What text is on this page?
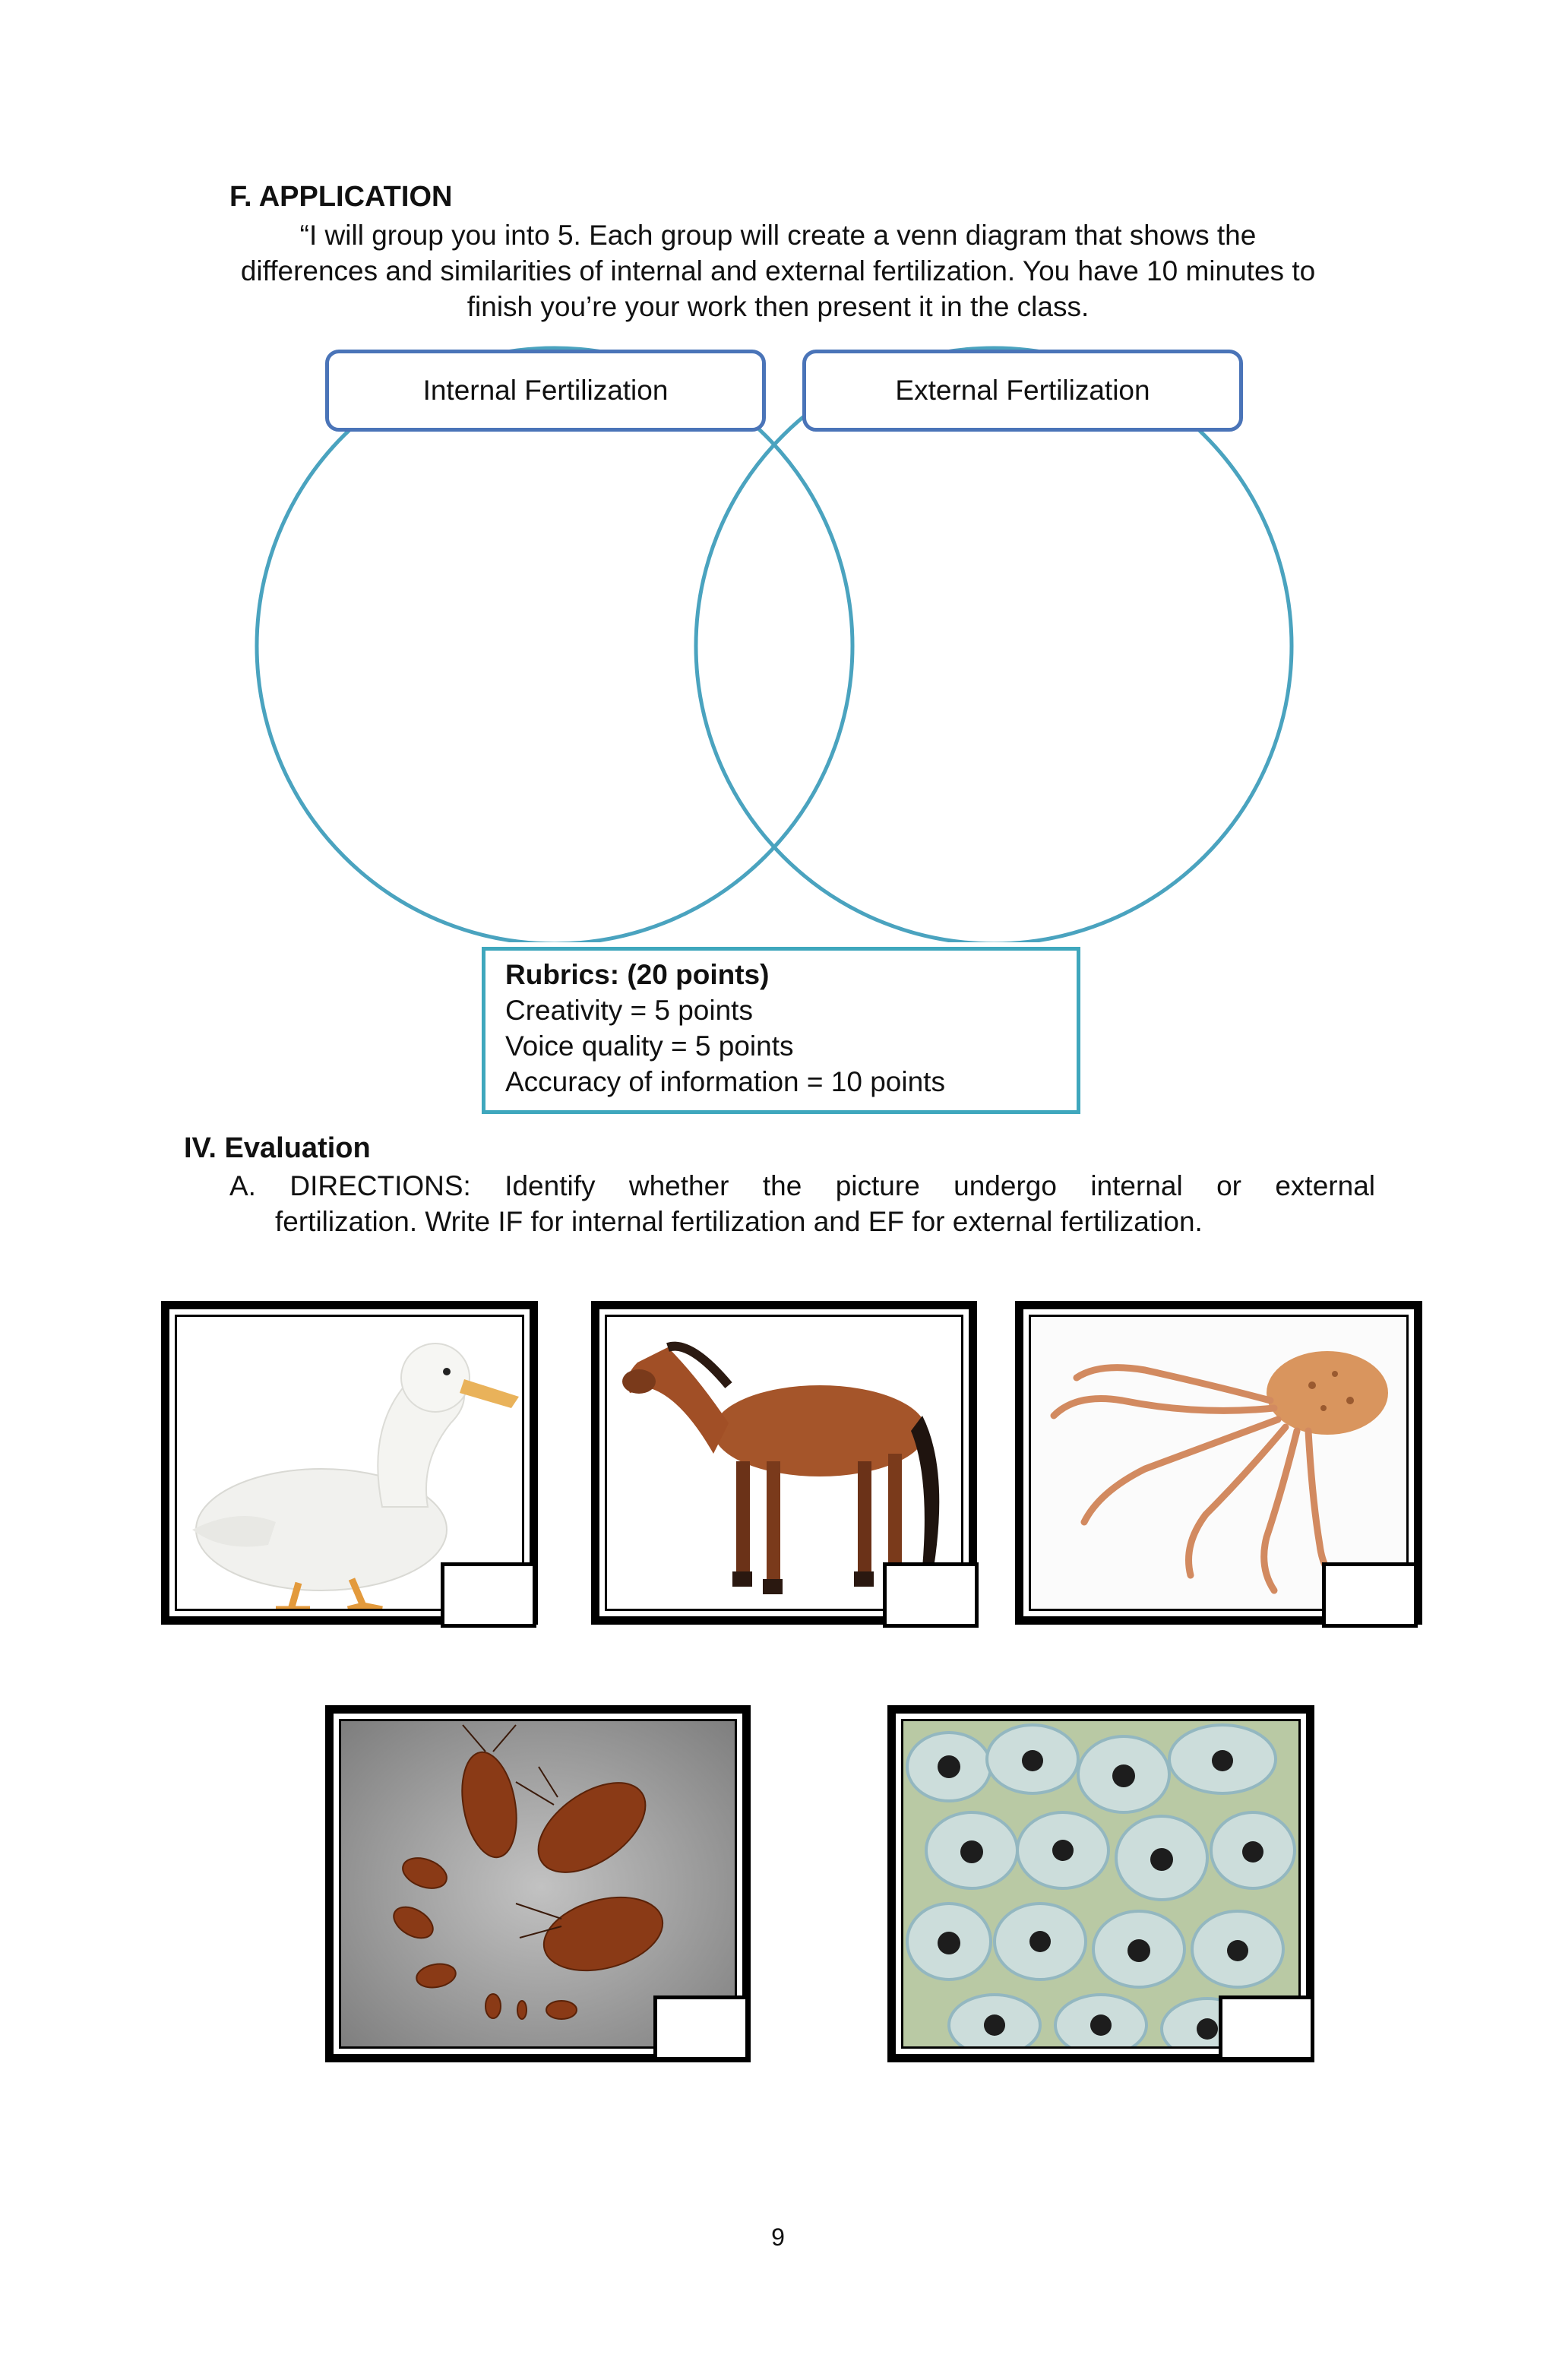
F. APPLICATION
“I will group you into 5. Each group will create a venn diagram that shows the
differences and similarities of internal and external fertilization. You have 10 minutes to
finish you’re your work then present it in the class.
Internal Fertilization	External Fertilization
Rubrics: (20 points)
Creativity = 5 points
Voice quality = 5 points
Accuracy of information = 10 points
IV. Evaluation
A. DIRECTIONS: Identify whether the picture undergo internal or external
fertilization. Write IF for internal fertilization and EF for external fertilization.
9
